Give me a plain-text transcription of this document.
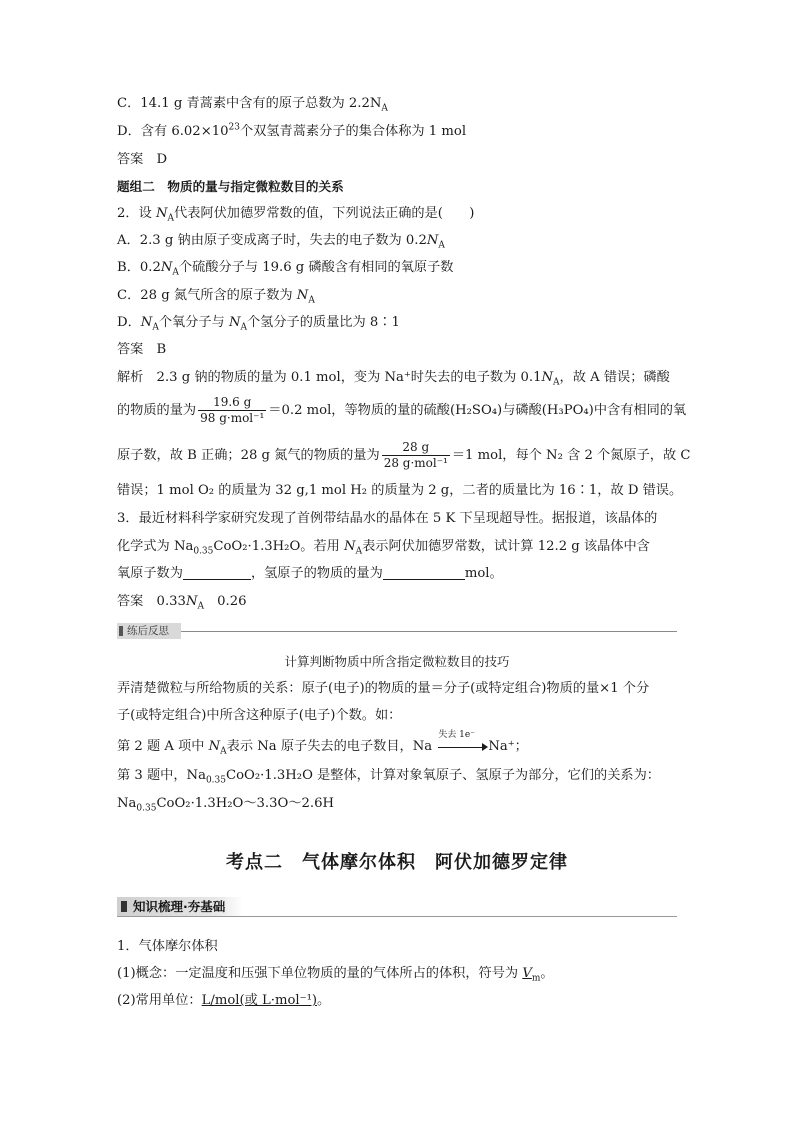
C．14.1 g 青蒿素中含有的原子总数为 $2.2N_A$
D．含有 $6.02\times 10^{23}$个双氢青蒿素分子的集合体称为 1 mol
答案　D
题组二　物质的量与指定微粒数目的关系
2．设 $N_A$代表阿伏加德罗常数的值，下列说法正确的是(　　)
A．2.3 g 钠由原子变成离子时，失去的电子数为 $0.2N_A$
B．$0.2N_A$个硫酸分子与 19.6 g 磷酸含有相同的氧原子数
C．28 g 氮气所含的原子数为 $N_A$
D．$N_A$个氧分子与 $N_A$个氢分子的质量比为 8∶1
答案　B
解析　2.3 g 钠的物质的量为 0.1 mol，变为 Na⁺时失去的电子数为 $0.1N_A$，故 A 错误；磷酸
的物质的量为 $\frac{19.6 g}{\text{98 g·mol⁻¹}} =0.2$ mol，等物质的量的硫酸(H₂SO₄)与磷酸(H₃PO₄)中含有相同的氧
原子数，故 B 正确；28 g 氮气的物质的量为 $\frac{28 g}{\text{28 g·mol⁻¹}} =1$ mol，每个 N₂ 含 2 个氮原子，故 C
错误；1 mol O₂ 的质量为 32 g,1 mol H₂ 的质量为 2 g，二者的质量比为 16∶1，故 D 错误。
3．最近材料科学家研究发现了首例带结晶水的晶体在 5 K 下呈现超导性。据报道，该晶体的
化学式为 $Na_{0.35}CoO_2\cdot 1.3H_2O$。若用 $N_A$表示阿伏加德罗常数，试计算 12.2 g 该晶体中含
氧原子数为	，氢原子的物质的量为	mol。
答案　$0.33N_A$　0.26
练后反思
计算判断物质中所含指定微粒数目的技巧
弄清楚微粒与所给物质的关系：原子(电子)的物质的量＝分子(或特定组合)物质的量×1 个分
子(或特定组合)中所含这种原子(电子)个数。如：
第 2 题 A 项中 $N_A$表示 Na 原子失去的电子数目，Na
失去 1e⁻
Na⁺；
第 3 题中，$Na_{0.35}CoO_2\cdot 1.3H_2O$ 是整体，计算对象氧原子、氢原子为部分，它们的关系为：
$Na_{0.35}CoO_2\cdot 1.3H_2O\sim 3.3O\sim 2.6H$
考点二　气体摩尔体积　阿伏加德罗定律
知识梳理·夯基础
1．气体摩尔体积
(1)概念：一定温度和压强下单位物质的量的气体所占的体积，符号为 $V_m$。
(2)常用单位：L/mol(或 L·mol⁻¹)。
